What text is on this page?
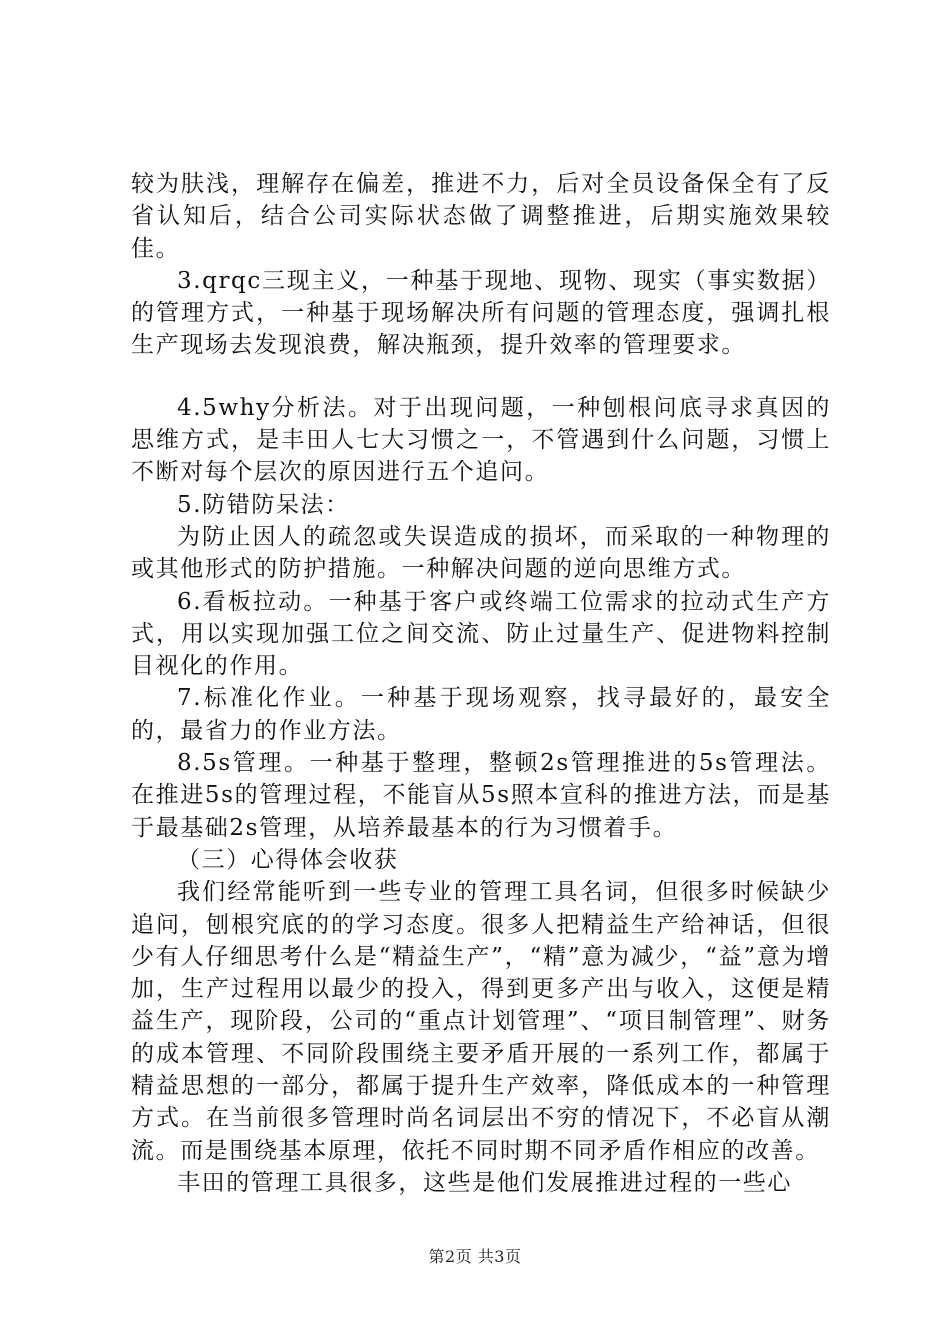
较为肤浅，理解存在偏差，推进不力，后对全员设备保全有了反省认知后，结合公司实际状态做了调整推进，后期实施效果较佳。

3.qrqc三现主义，一种基于现地、现物、现实（事实数据）的管理方式，一种基于现场解决所有问题的管理态度，强调扎根生产现场去发现浪费，解决瓶颈，提升效率的管理要求。

4.5why分析法。对于出现问题，一种刨根问底寻求真因的思维方式，是丰田人七大习惯之一，不管遇到什么问题，习惯上不断对每个层次的原因进行五个追问。

5.防错防呆法：

为防止因人的疏忽或失误造成的损坏，而采取的一种物理的或其他形式的防护措施。一种解决问题的逆向思维方式。

6.看板拉动。一种基于客户或终端工位需求的拉动式生产方式，用以实现加强工位之间交流、防止过量生产、促进物料控制目视化的作用。

7.标准化作业。一种基于现场观察，找寻最好的，最安全的，最省力的作业方法。

8.5s管理。一种基于整理，整顿2s管理推进的5s管理法。在推进5s的管理过程，不能盲从5s照本宣科的推进方法，而是基于最基础2s管理，从培养最基本的行为习惯着手。

（三）心得体会收获

我们经常能听到一些专业的管理工具名词，但很多时候缺少追问，刨根究底的的学习态度。很多人把精益生产给神话，但很少有人仔细思考什么是“精益生产”，“精”意为减少，“益”意为增加，生产过程用以最少的投入，得到更多产出与收入，这便是精益生产，现阶段，公司的“重点计划管理”、“项目制管理”、财务的成本管理、不同阶段围绕主要矛盾开展的一系列工作，都属于精益思想的一部分，都属于提升生产效率，降低成本的一种管理方式。在当前很多管理时尚名词层出不穷的情况下，不必盲从潮流。而是围绕基本原理，依托不同时期不同矛盾作相应的改善。

丰田的管理工具很多，这些是他们发展推进过程的一些心

第2页 共3页
